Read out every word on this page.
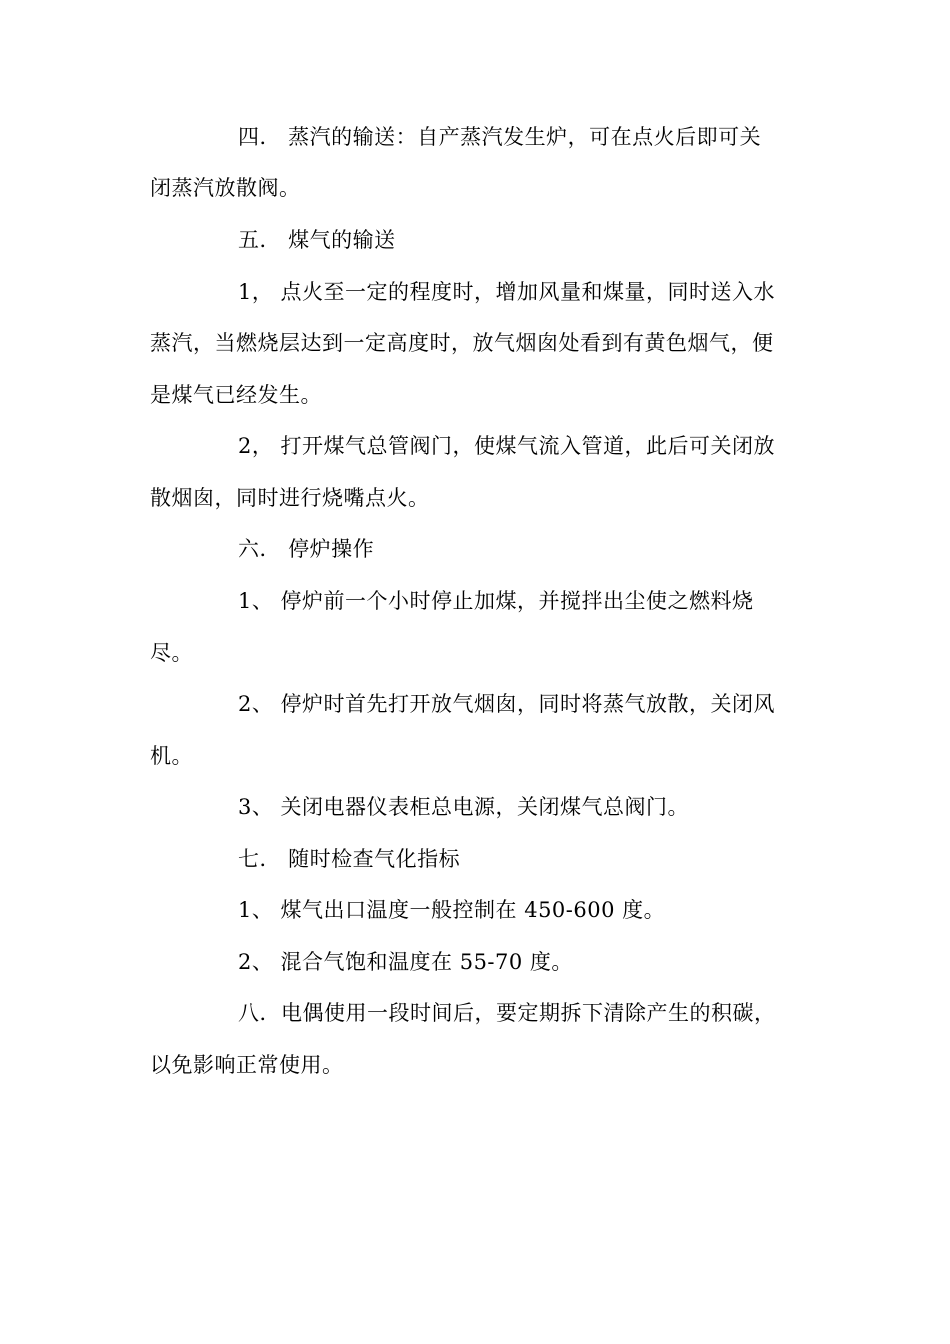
四． 蒸汽的输送：自产蒸汽发生炉，可在点火后即可关
闭蒸汽放散阀。
五． 煤气的输送
1， 点火至一定的程度时，增加风量和煤量，同时送入水
蒸汽，当燃烧层达到一定高度时，放气烟囱处看到有黄色烟气，便
是煤气已经发生。
2， 打开煤气总管阀门，使煤气流入管道，此后可关闭放
散烟囱，同时进行烧嘴点火。
六． 停炉操作
1、 停炉前一个小时停止加煤，并搅拌出尘使之燃料烧
尽。
2、 停炉时首先打开放气烟囱，同时将蒸气放散，关闭风
机。
3、 关闭电器仪表柜总电源，关闭煤气总阀门。
七． 随时检查气化指标
1、 煤气出口温度一般控制在 450-600 度。
2、 混合气饱和温度在 55-70 度。
八．电偶使用一段时间后，要定期拆下清除产生的积碳，
以免影响正常使用。
